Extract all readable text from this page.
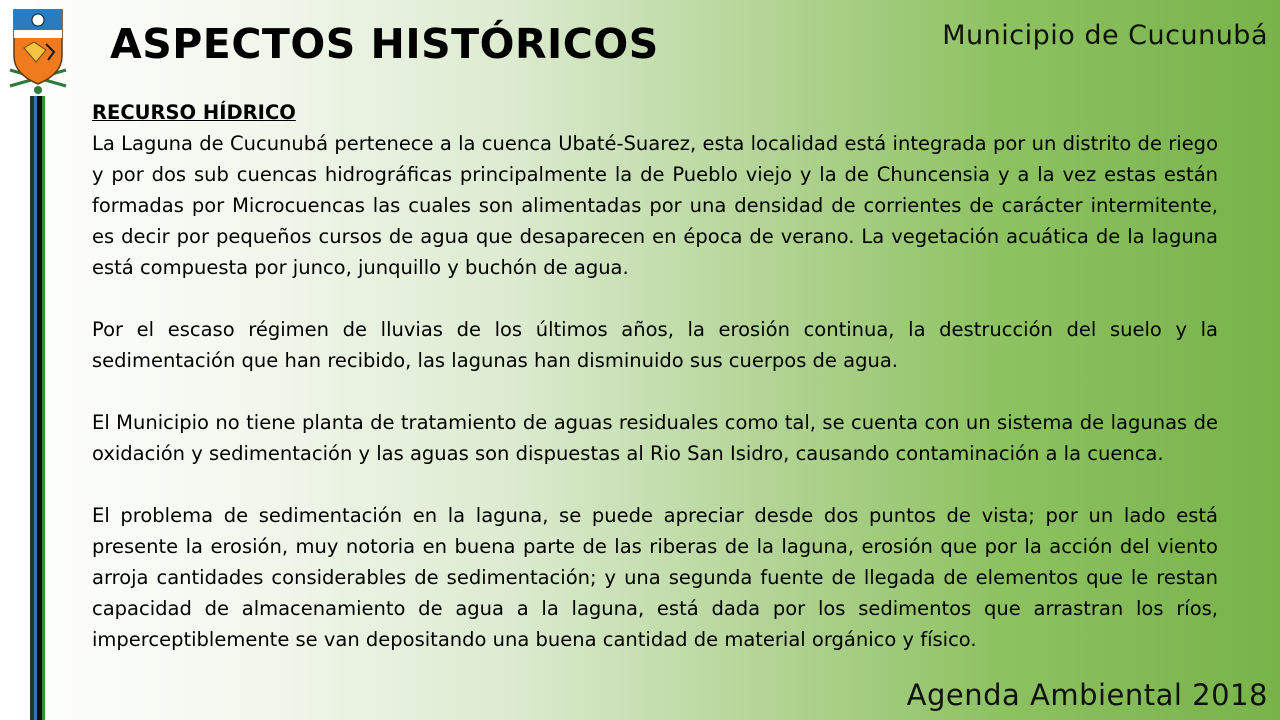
ASPECTOS HISTÓRICOS	Municipio de Cucunubá
RECURSO HÍDRICO

La Laguna de Cucunubá pertenece a la cuenca Ubaté-Suarez, esta localidad está integrada por un distrito de riego y por dos sub cuencas hidrográficas principalmente la de Pueblo viejo y la de Chuncensia y a la vez estas están formadas por Microcuencas las cuales son alimentadas por una densidad de corrientes de carácter intermitente, es decir por pequeños cursos de agua que desaparecen en época de verano. La vegetación acuática de la laguna está compuesta por junco, junquillo y buchón de agua.

Por el escaso régimen de lluvias de los últimos años, la erosión continua, la destrucción del suelo y la sedimentación que han recibido, las lagunas han disminuido sus cuerpos de agua.

El Municipio no tiene planta de tratamiento de aguas residuales como tal, se cuenta con un sistema de lagunas de oxidación y sedimentación y las aguas son dispuestas al Rio San Isidro, causando contaminación a la cuenca.

El problema de sedimentación en la laguna, se puede apreciar desde dos puntos de vista; por un lado está presente la erosión, muy notoria en buena parte de las riberas de la laguna, erosión que por la acción del viento arroja cantidades considerables de sedimentación; y una segunda fuente de llegada de elementos que le restan capacidad de almacenamiento de agua a la laguna, está dada por los sedimentos que arrastran los ríos, imperceptiblemente se van depositando una buena cantidad de material orgánico y físico.

Agenda Ambiental 2018
